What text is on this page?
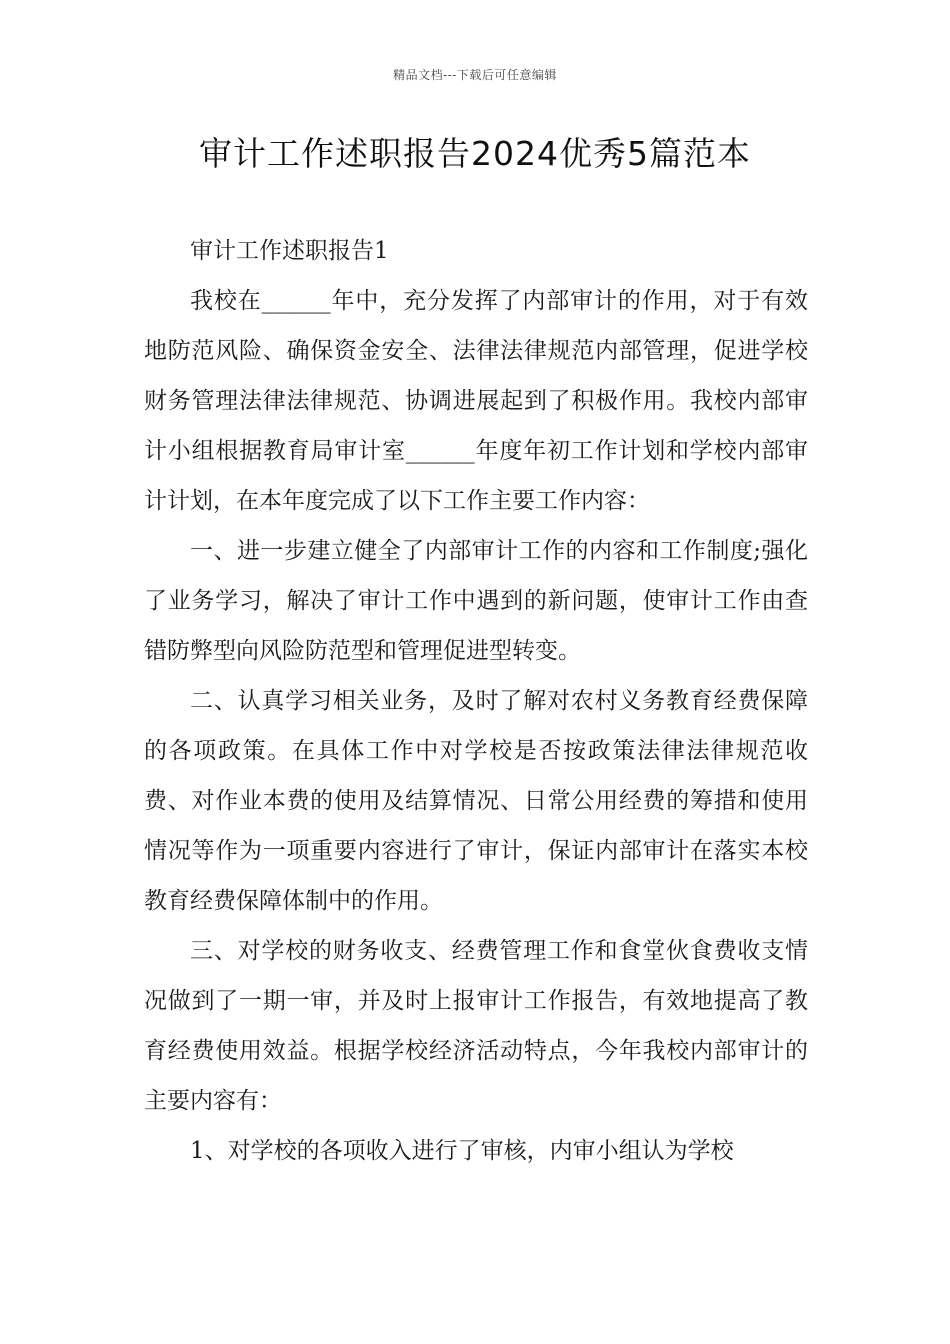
精品文档---下载后可任意编辑
审计工作述职报告2024优秀5篇范本

审计工作述职报告1

我校在______年中，充分发挥了内部审计的作用，对于有效地防范风险、确保资金安全、法律法律规范内部管理，促进学校财务管理法律法律规范、协调进展起到了积极作用。我校内部审计小组根据教育局审计室______年度年初工作计划和学校内部审计计划，在本年度完成了以下工作主要工作内容：

一、进一步建立健全了内部审计工作的内容和工作制度;强化了业务学习，解决了审计工作中遇到的新问题，使审计工作由查错防弊型向风险防范型和管理促进型转变。

二、认真学习相关业务，及时了解对农村义务教育经费保障的各项政策。在具体工作中对学校是否按政策法律法律规范收费、对作业本费的使用及结算情况、日常公用经费的筹措和使用情况等作为一项重要内容进行了审计，保证内部审计在落实本校教育经费保障体制中的作用。

三、对学校的财务收支、经费管理工作和食堂伙食费收支情况做到了一期一审，并及时上报审计工作报告，有效地提高了教育经费使用效益。根据学校经济活动特点，今年我校内部审计的主要内容有：

1、对学校的各项收入进行了审核，内审小组认为学校
